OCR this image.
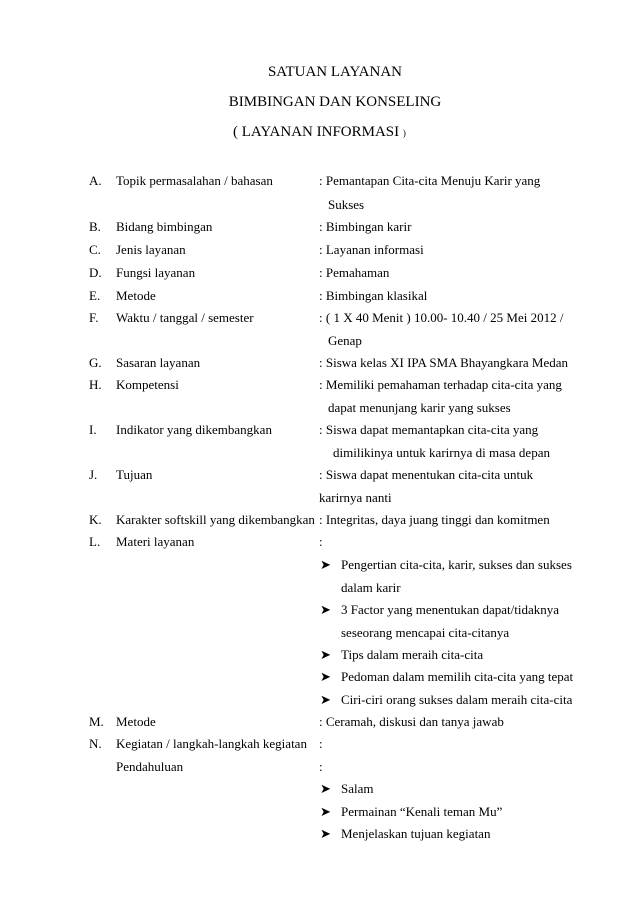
SATUAN LAYANAN
BIMBINGAN DAN KONSELING
( LAYANAN INFORMASI )
A. Topik permasalahan / bahasan	: Pemantapan Cita-cita Menuju Karir yang
Sukses
B. Bidang bimbingan	: Bimbingan karir
C. Jenis layanan	: Layanan informasi
D. Fungsi layanan	: Pemahaman
E. Metode	: Bimbingan klasikal
F. Waktu / tanggal / semester	: ( 1 X 40 Menit ) 10.00- 10.40 / 25 Mei 2012 /
Genap
G. Sasaran layanan	: Siswa kelas XI IPA SMA Bhayangkara Medan
H. Kompetensi	: Memiliki pemahaman terhadap cita-cita yang
dapat menunjang karir yang sukses
I. Indikator yang dikembangkan	: Siswa dapat memantapkan cita-cita yang
dimilikinya untuk karirnya di masa depan
J. Tujuan	: Siswa dapat menentukan cita-cita untuk
karirnya nanti
K. Karakter softskill yang dikembangkan : Integritas, daya juang tinggi dan komitmen
L. Materi layanan	:
➤ Pengertian cita-cita, karir, sukses dan sukses
dalam karir
➤ 3 Factor yang menentukan dapat/tidaknya
seseorang mencapai cita-citanya
➤ Tips dalam meraih cita-cita
➤ Pedoman dalam memilih cita-cita yang tepat
➤ Ciri-ciri orang sukses dalam meraih cita-cita
M. Metode	: Ceramah, diskusi dan tanya jawab
N. Kegiatan / langkah-langkah kegiatan :
Pendahuluan	:
➤ Salam
➤ Permainan “Kenali teman Mu”
➤ Menjelaskan tujuan kegiatan
